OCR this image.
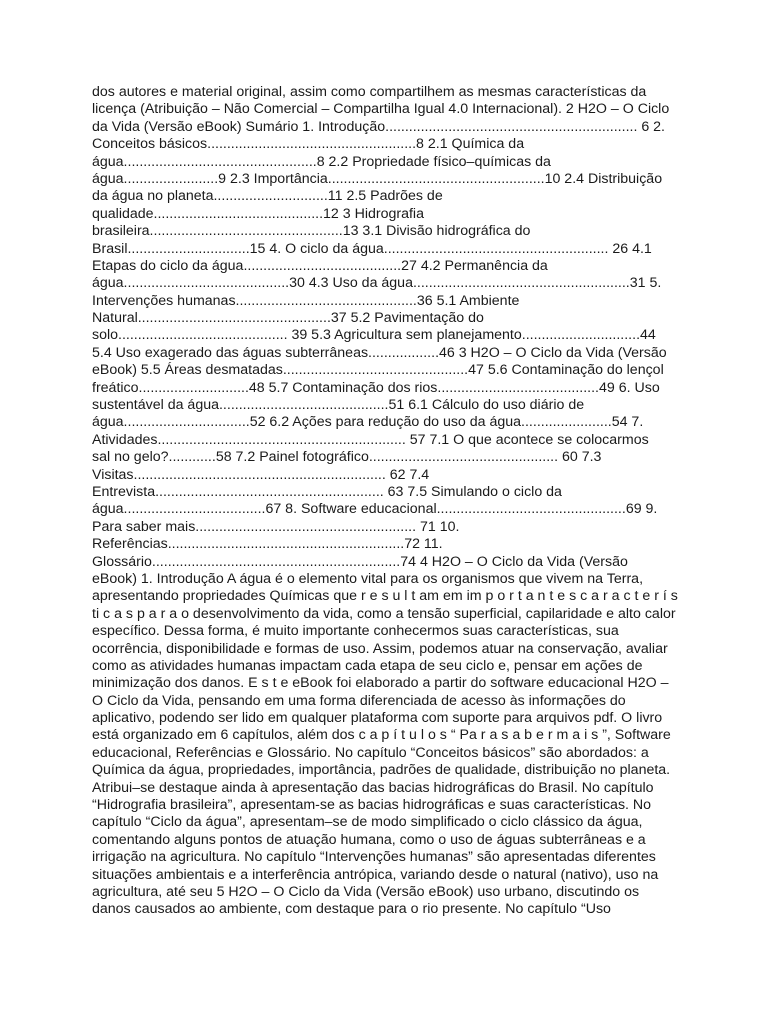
dos autores e material original, assim como compartilhem as mesmas características da
licença (Atribuição – Não Comercial – Compartilha Igual 4.0 Internacional). 2 H2O – O Ciclo
da Vida (Versão eBook) Sumário 1. Introdução................................................................ 6 2.
Conceitos básicos.....................................................8 2.1 Química da
água.................................................8 2.2 Propriedade físico–químicas da
água........................9 2.3 Importância.......................................................10 2.4 Distribuição
da água no planeta.............................11 2.5 Padrões de
qualidade...........................................12 3 Hidrografia
brasileira.................................................13 3.1 Divisão hidrográfica do
Brasil...............................15 4. O ciclo da água......................................................... 26 4.1
Etapas do ciclo da água........................................27 4.2 Permanência da
água..........................................30 4.3 Uso da água.......................................................31 5.
Intervenções humanas..............................................36 5.1 Ambiente
Natural.................................................37 5.2 Pavimentação do
solo........................................... 39 5.3 Agricultura sem planejamento..............................44
5.4 Uso exagerado das águas subterrâneas..................46 3 H2O – O Ciclo da Vida (Versão
eBook) 5.5 Áreas desmatadas...............................................47 5.6 Contaminação do lençol
freático............................48 5.7 Contaminação dos rios.........................................49 6. Uso
sustentável da água...........................................51 6.1 Cálculo do uso diário de
água................................52 6.2 Ações para redução do uso da água.......................54 7.
Atividades............................................................... 57 7.1 O que acontece se colocarmos
sal no gelo?............58 7.2 Painel fotográfico................................................ 60 7.3
Visitas................................................................ 62 7.4
Entrevista.......................................................... 63 7.5 Simulando o ciclo da
água....................................67 8. Software educacional................................................69 9.
Para saber mais........................................................ 71 10.
Referências............................................................72 11.
Glossário...............................................................74 4 H2O – O Ciclo da Vida (Versão
eBook) 1. Introdução A água é o elemento vital para os organismos que vivem na Terra,
apresentando propriedades Químicas que r e s u l t am em im p o r t a n t e s c a r a c t e r í s
ti c a s p a r a o desenvolvimento da vida, como a tensão superficial, capilaridade e alto calor
específico. Dessa forma, é muito importante conhecermos suas características, sua
ocorrência, disponibilidade e formas de uso. Assim, podemos atuar na conservação, avaliar
como as atividades humanas impactam cada etapa de seu ciclo e, pensar em ações de
minimização dos danos. E s t e eBook foi elaborado a partir do software educacional H2O –
O Ciclo da Vida, pensando em uma forma diferenciada de acesso às informações do
aplicativo, podendo ser lido em qualquer plataforma com suporte para arquivos pdf. O livro
está organizado em 6 capítulos, além dos c a p í t u l o s “ Pa r a s a b e r m a i s ”, Software
educacional, Referências e Glossário. No capítulo “Conceitos básicos” são abordados: a
Química da água, propriedades, importância, padrões de qualidade, distribuição no planeta.
Atribui–se destaque ainda à apresentação das bacias hidrográficas do Brasil. No capítulo
“Hidrografia brasileira”, apresentam-se as bacias hidrográficas e suas características. No
capítulo “Ciclo da água”, apresentam–se de modo simplificado o ciclo clássico da água,
comentando alguns pontos de atuação humana, como o uso de águas subterrâneas e a
irrigação na agricultura. No capítulo “Intervenções humanas” são apresentadas diferentes
situações ambientais e a interferência antrópica, variando desde o natural (nativo), uso na
agricultura, até seu 5 H2O – O Ciclo da Vida (Versão eBook) uso urbano, discutindo os
danos causados ao ambiente, com destaque para o rio presente. No capítulo “Uso
